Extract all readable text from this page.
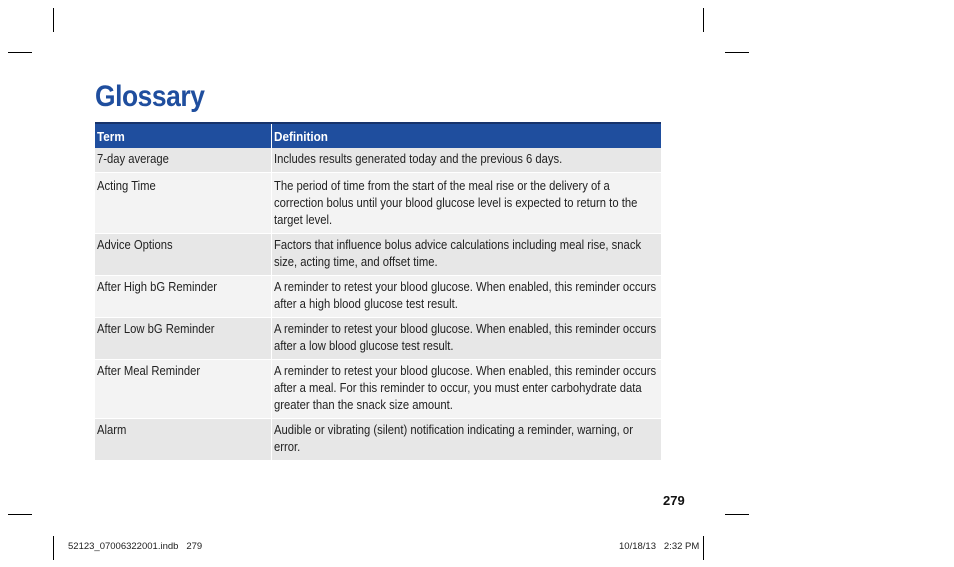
Glossary
Term	Definition

7-day average	Includes results generated today and the previous 6 days.

Acting Time	The period of time from the start of the meal rise or the delivery of a correction bolus until your blood glucose level is expected to return to the target level.

Advice Options	Factors that influence bolus advice calculations including meal rise, snack size, acting time, and offset time.

After High bG Reminder	A reminder to retest your blood glucose. When enabled, this reminder occurs after a high blood glucose test result.

After Low bG Reminder	A reminder to retest your blood glucose. When enabled, this reminder occurs after a low blood glucose test result.

After Meal Reminder	A reminder to retest your blood glucose. When enabled, this reminder occurs after a meal. For this reminder to occur, you must enter carbohydrate data greater than the snack size amount.

Alarm	Audible or vibrating (silent) notification indicating a reminder, warning, or error.
279
52123_07006322001.indb   279	10/18/13   2:32 PM
